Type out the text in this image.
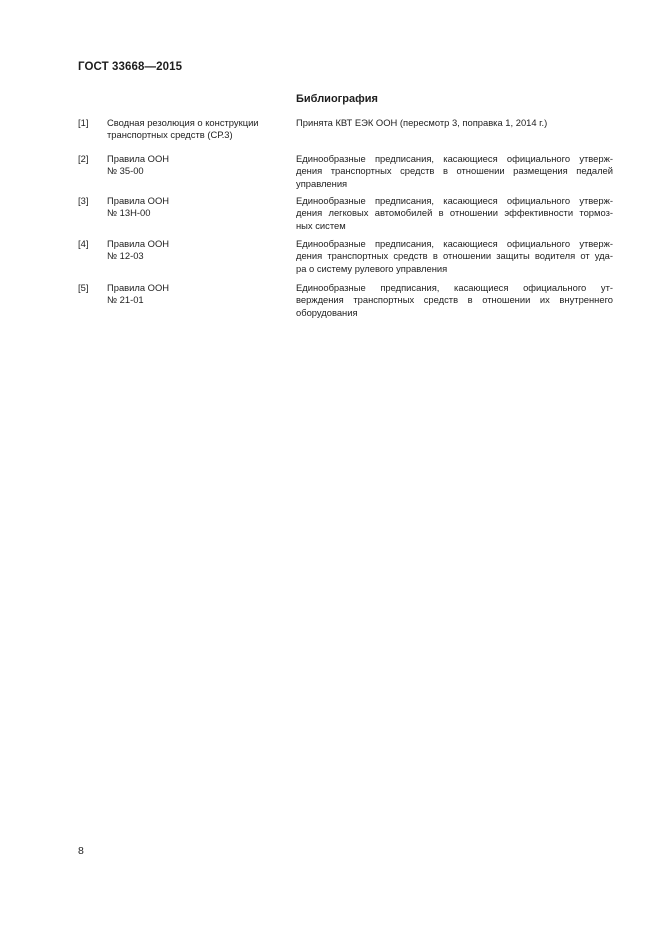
ГОСТ 33668—2015
Библиография
[1] Сводная резолюция о конструкции
транспортных средств (СР.3)
Принята КВТ ЕЭК ООН (пересмотр 3, поправка 1, 2014 г.)
[2] Правила ООН
№ 35-00
Единообразные предписания, касающиеся официального утверж-
дения транспортных средств в отношении размещения педалей
управления
[3] Правила ООН
№ 13Н-00
Единообразные предписания, касающиеся официального утверж-
дения легковых автомобилей в отношении эффективности тормоз-
ных систем
[4] Правила ООН
№ 12-03
Единообразные предписания, касающиеся официального утверж-
дения транспортных средств в отношении защиты водителя от уда-
ра о систему рулевого управления
[5] Правила ООН
№ 21-01
Единообразные предписания, касающиеся официального ут-
верждения транспортных средств в отношении их внутреннего
оборудования
8
